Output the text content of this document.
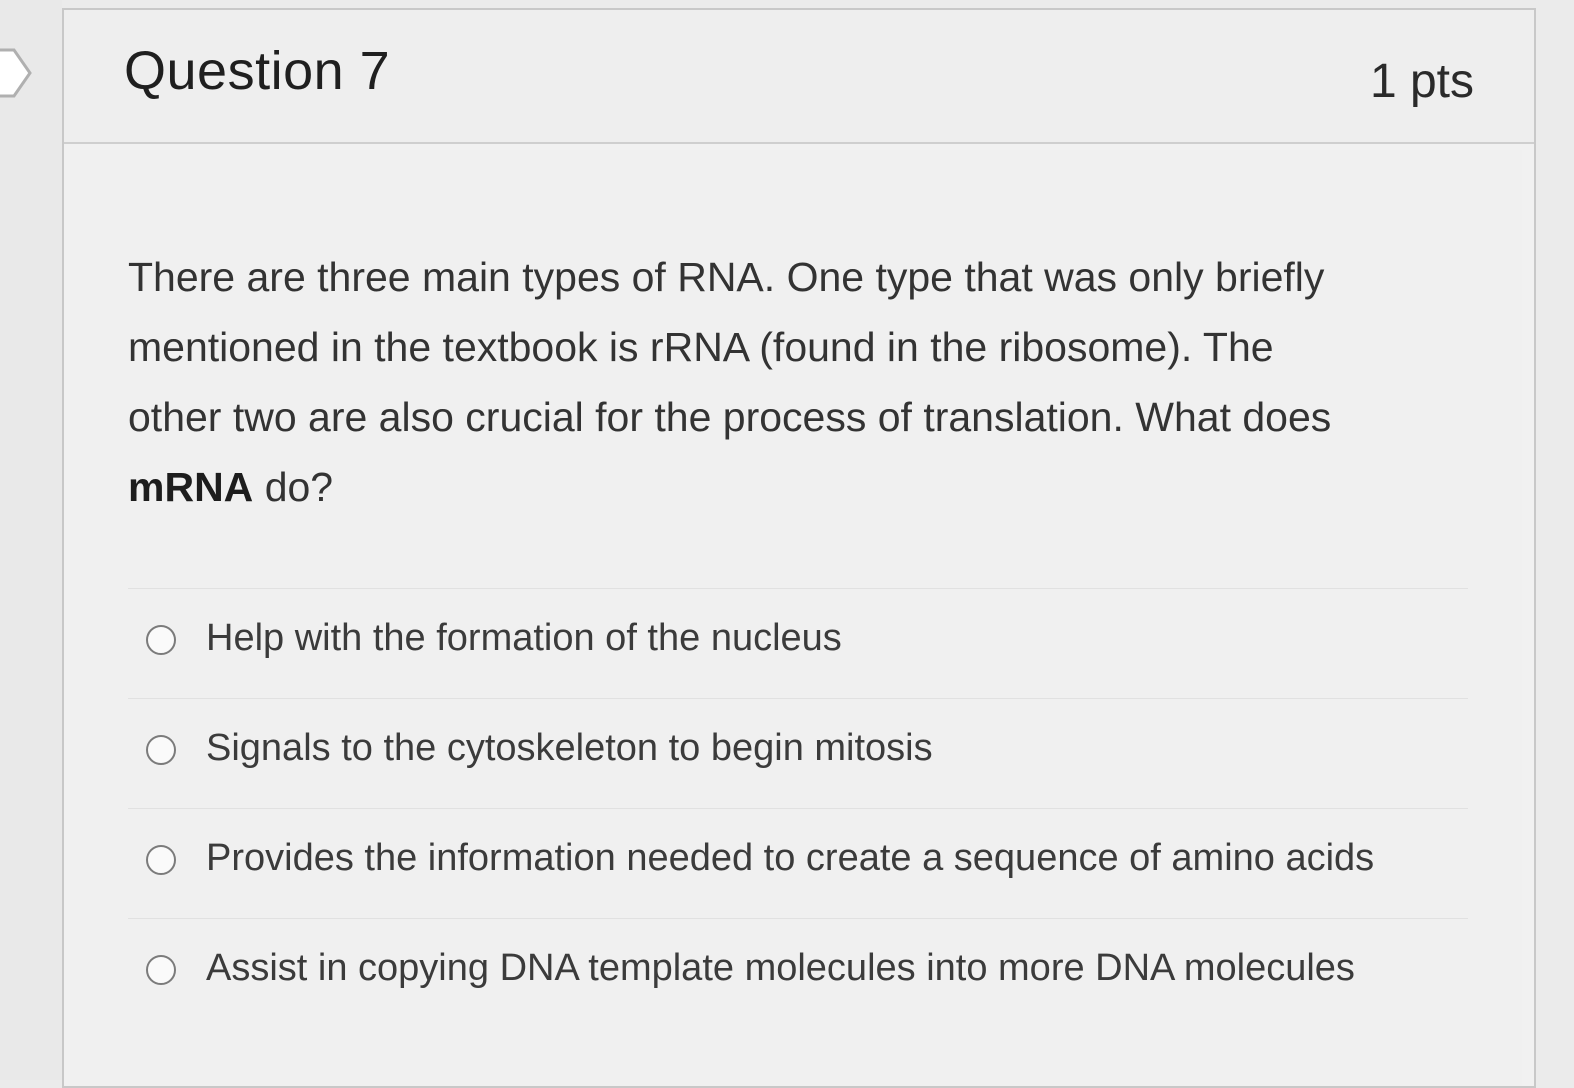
Question 7	1 pts
There are three main types of RNA. One type that was only briefly mentioned in the textbook is rRNA (found in the ribosome). The other two are also crucial for the process of translation. What does mRNA do?
Help with the formation of the nucleus
Signals to the cytoskeleton to begin mitosis
Provides the information needed to create a sequence of amino acids
Assist in copying DNA template molecules into more DNA molecules
